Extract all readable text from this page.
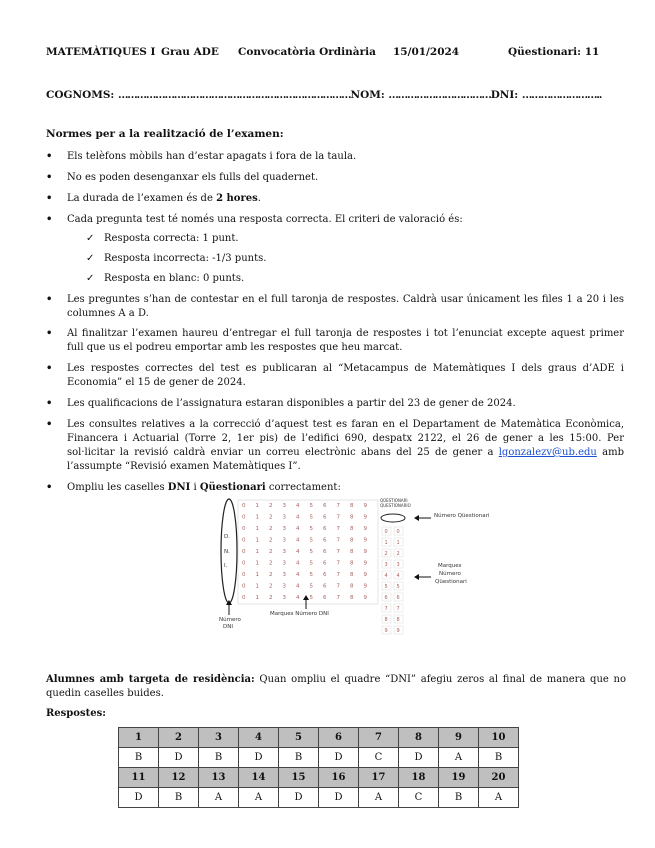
MATEMÀTIQUES I Grau ADE Convocatòria Ordinària 15/01/2024	Qüestionari: 11
COGNOMS: …………………………………………………………………NOM: ……………………………DNI: ……………………..
Normes per a la realització de l’examen:
• Els telèfons mòbils han d’estar apagats i fora de la taula.
• No es poden desenganxar els fulls del quadernet.
• La durada de l’examen és de 2 hores.
• Cada pregunta test té només una resposta correcta. El criteri de valoració és:
✓ Resposta correcta: 1 punt.
✓ Resposta incorrecta: -1/3 punts.
✓ Resposta en blanc: 0 punts.
• Les preguntes s’han de contestar en el full taronja de respostes. Caldrà usar únicament les files 1 a 20 i les columnes A a D.
• Al finalitzar l’examen haureu d’entregar el full taronja de respostes i tot l’enunciat excepte aquest primer full que us el podreu emportar amb les respostes que heu marcat.
• Les respostes correctes del test es publicaran al “Metacampus de Matemàtiques I dels graus d’ADE i Economia” el 15 de gener de 2024.
• Les qualificacions de l’assignatura estaran disponibles a partir del 23 de gener de 2024.
• Les consultes relatives a la correcció d’aquest test es faran en el Departament de Matemàtica Econòmica, Financera i Actuarial (Torre 2, 1er pis) de l’edifici 690, despatx 2122, el 26 de gener a les 15:00. Per sol·licitar la revisió caldrà enviar un correu electrònic abans del 25 de gener a lgonzalezv@ub.edu amb l’assumpte “Revisió examen Matemàtiques I”.
• Ompliu les caselles DNI i Qüestionari correctament:
0 1 2 3 4 5 6 7 8 9
0 1 2 3 4 5 6 7 8 9
0 1 2 3 4 5 6 7 8 9
0 1 2 3 4 5 6 7 8 9
0 1 2 3 4 5 6 7 8 9
0 1 2 3 4 5 6 7 8 9
0 1 2 3 4 5 6 7 8 9
0 1 2 3 4 5 6 7 8 9
0 1 2 3 4 5 6 7 8 9
D.
N.
I.
Número
DNI
Marques Número DNI
QÜESTIONARI
QUESTIONARIO
0 0
1 1
2 2
3 3
4 4
5 5
6 6
7 7
8 8
9 9
Número Qüestionari
Marques
Número
Qüestionari
Alumnes amb targeta de residència: Quan ompliu el quadre “DNI” afegiu zeros al final de manera que no quedin caselles buides.
Respostes:
1	2	3	4	5	6	7	8	9	10
B	D	B	D	B	D	C	D	A	B
11	12	13	14	15	16	17	18	19	20
D	B	A	A	D	D	A	C	B	A
